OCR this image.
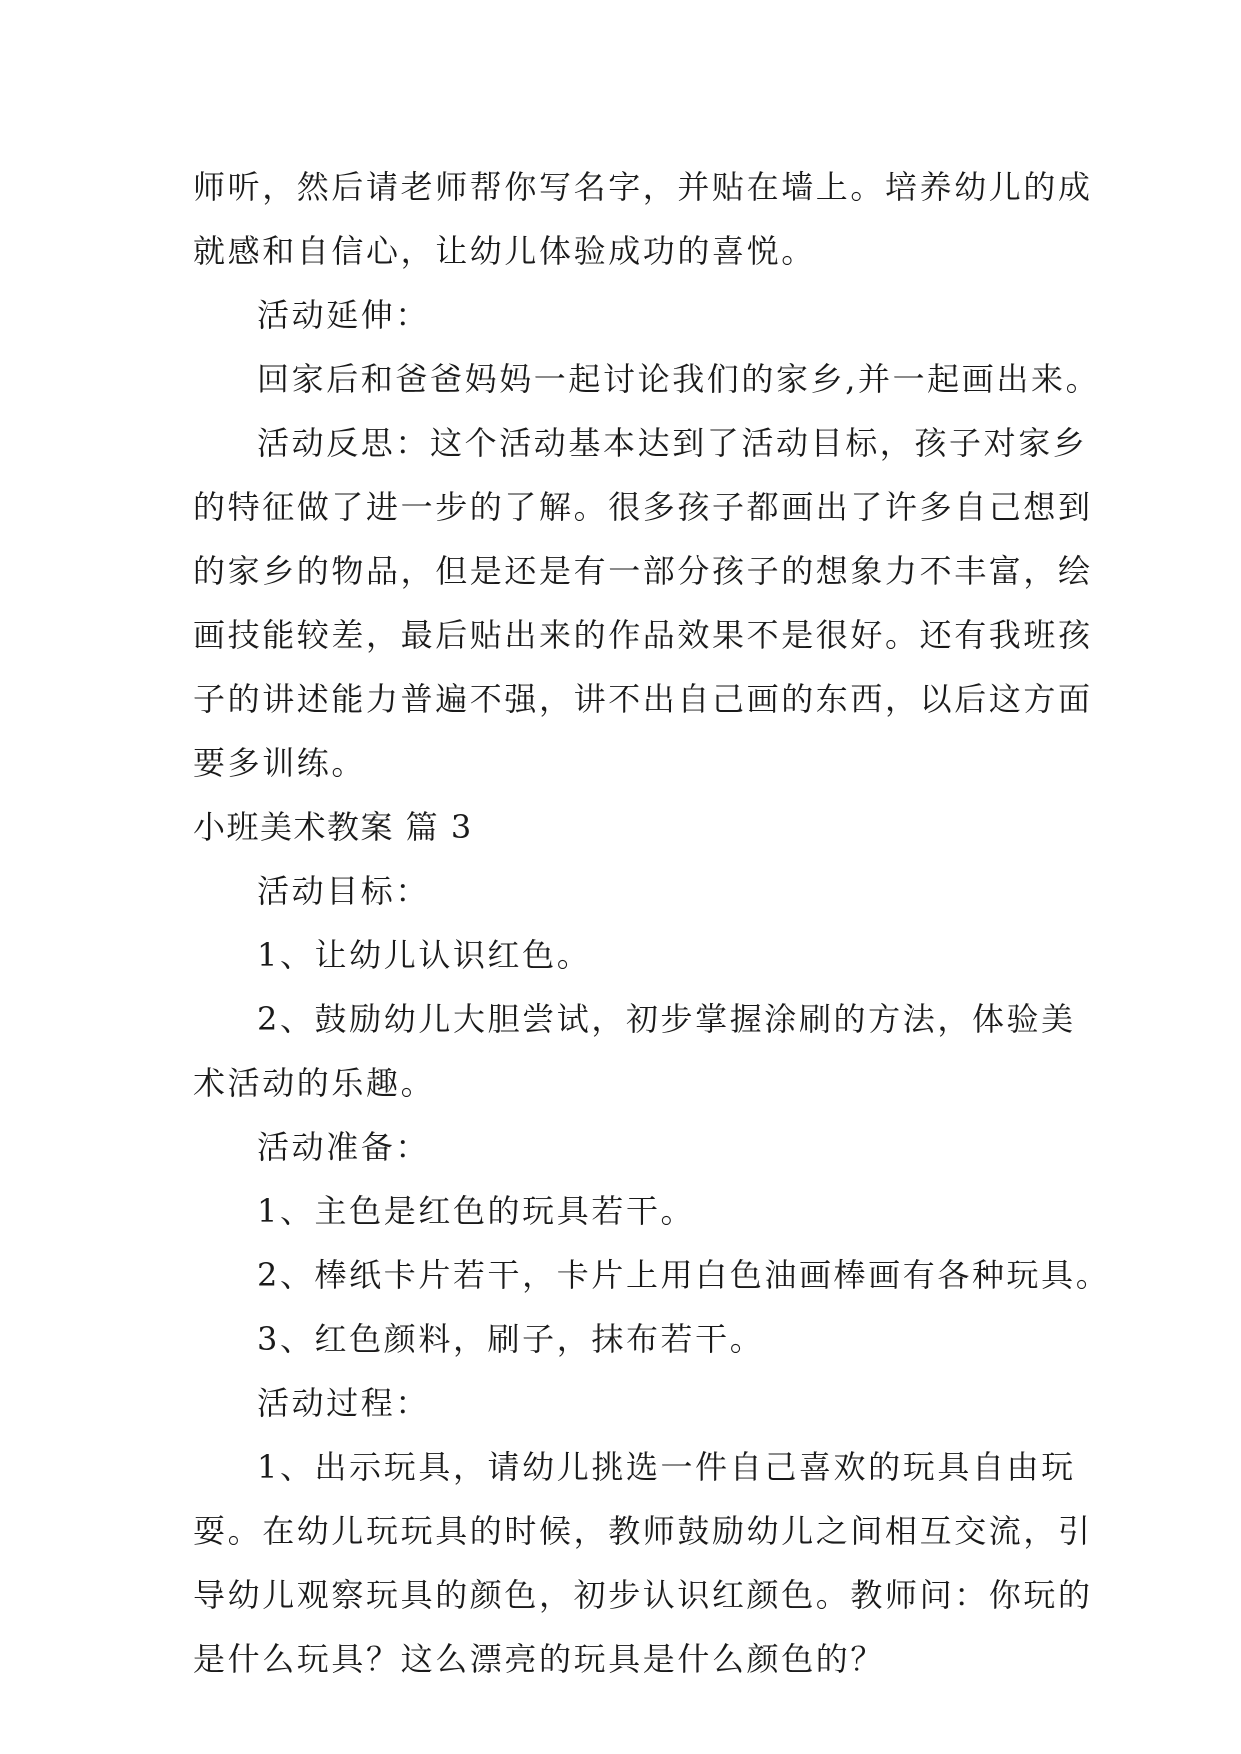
师听，然后请老师帮你写名字，并贴在墙上。培养幼儿的成
就感和自信心，让幼儿体验成功的喜悦。
活动延伸：
回家后和爸爸妈妈一起讨论我们的家乡,并一起画出来。
活动反思：这个活动基本达到了活动目标，孩子对家乡
的特征做了进一步的了解。很多孩子都画出了许多自己想到
的家乡的物品，但是还是有一部分孩子的想象力不丰富，绘
画技能较差，最后贴出来的作品效果不是很好。还有我班孩
子的讲述能力普遍不强，讲不出自己画的东西，以后这方面
要多训练。
小班美术教案 篇 3
活动目标：
1、让幼儿认识红色。
2、鼓励幼儿大胆尝试，初步掌握涂刷的方法，体验美
术活动的乐趣。
活动准备：
1、主色是红色的玩具若干。
2、棒纸卡片若干，卡片上用白色油画棒画有各种玩具。
3、红色颜料，刷子，抹布若干。
活动过程：
1、出示玩具，请幼儿挑选一件自己喜欢的玩具自由玩
耍。在幼儿玩玩具的时候，教师鼓励幼儿之间相互交流，引
导幼儿观察玩具的颜色，初步认识红颜色。教师问：你玩的
是什么玩具？这么漂亮的玩具是什么颜色的？
